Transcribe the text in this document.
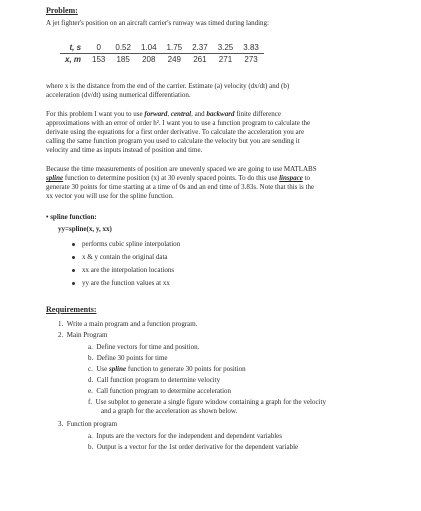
Problem:
A jet fighter's position on an aircraft carrier's runway was timed during landing:
t, s	0	0.52	1.04	1.75	2.37	3.25	3.83
x, m	153	185	208	249	261	271	273
where x is the distance from the end of the carrier. Estimate (a) velocity (dx/dt) and (b)
acceleration (dv/dt) using numerical differentiation.
For this problem I want you to use forward, central, and backward finite difference
approximations with an error of order h². I want you to use a function program to calculate the
derivate using the equations for a first order derivative. To calculate the acceleration you are
calling the same function program you used to calculate the velocity but you are sending it
velocity and time as inputs instead of position and time.
Because the time measurements of position are unevenly spaced we are going to use MATLABS
spline function to determine position (x) at 30 evenly spaced points. To do this use linspace to
generate 30 points for time starting at a time of 0s and an end time of 3.83s. Note that this is the
xx vector you will use for the spline function.
• spline function:
yy=spline(x, y, xx)
performs cubic spline interpolation
x & y contain the original data
xx are the interpolation locations
yy are the function values at xx
Requirements:
1. Write a main program and a function program.
2. Main Program
a. Define vectors for time and position.
b. Define 30 points for time
c. Use spline function to generate 30 points for position
d. Call function program to determine velocity
e. Call function program to determine acceleration
f. Use subplot to generate a single figure window containing a graph for the velocity
and a graph for the acceleration as shown below.
3. Function program
a. Inputs are the vectors for the independent and dependent variables
b. Output is a vector for the 1st order derivative for the dependent variable
